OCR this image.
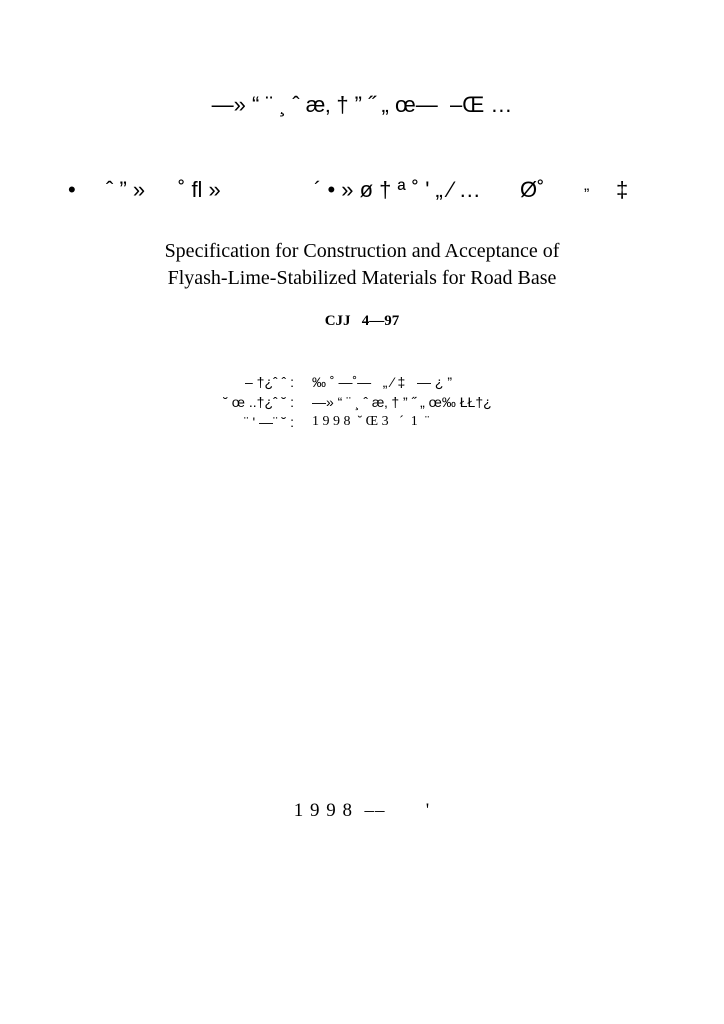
—» “ ¨ ¸ ˆ æ‚ † ” ˝ „ œ—  –Œ …
• ˆ ” » ˚ fl »	´ • » ø † ª ˚ ' „ ⁄ … Ø˚ „ ‡
Specification for Construction and Acceptance of
Flyash-Lime-Stabilized Materials for Road Base
CJJ   4—97
– †¿ˆ ˆ : ‰ ˚ —˚—   „ ⁄ ‡   — ¿ ”
˘ œ ..†¿ˆ ˘ : —» “ ¨ ¸ ˆ æ‚ † ” ˝ „ œ‰ ŁŁ†¿
¨ ' —¨ ˘ : 1 9 9 8  ˘ Œ 3   ´  1  ¨
1 9 9 8  ––       '
